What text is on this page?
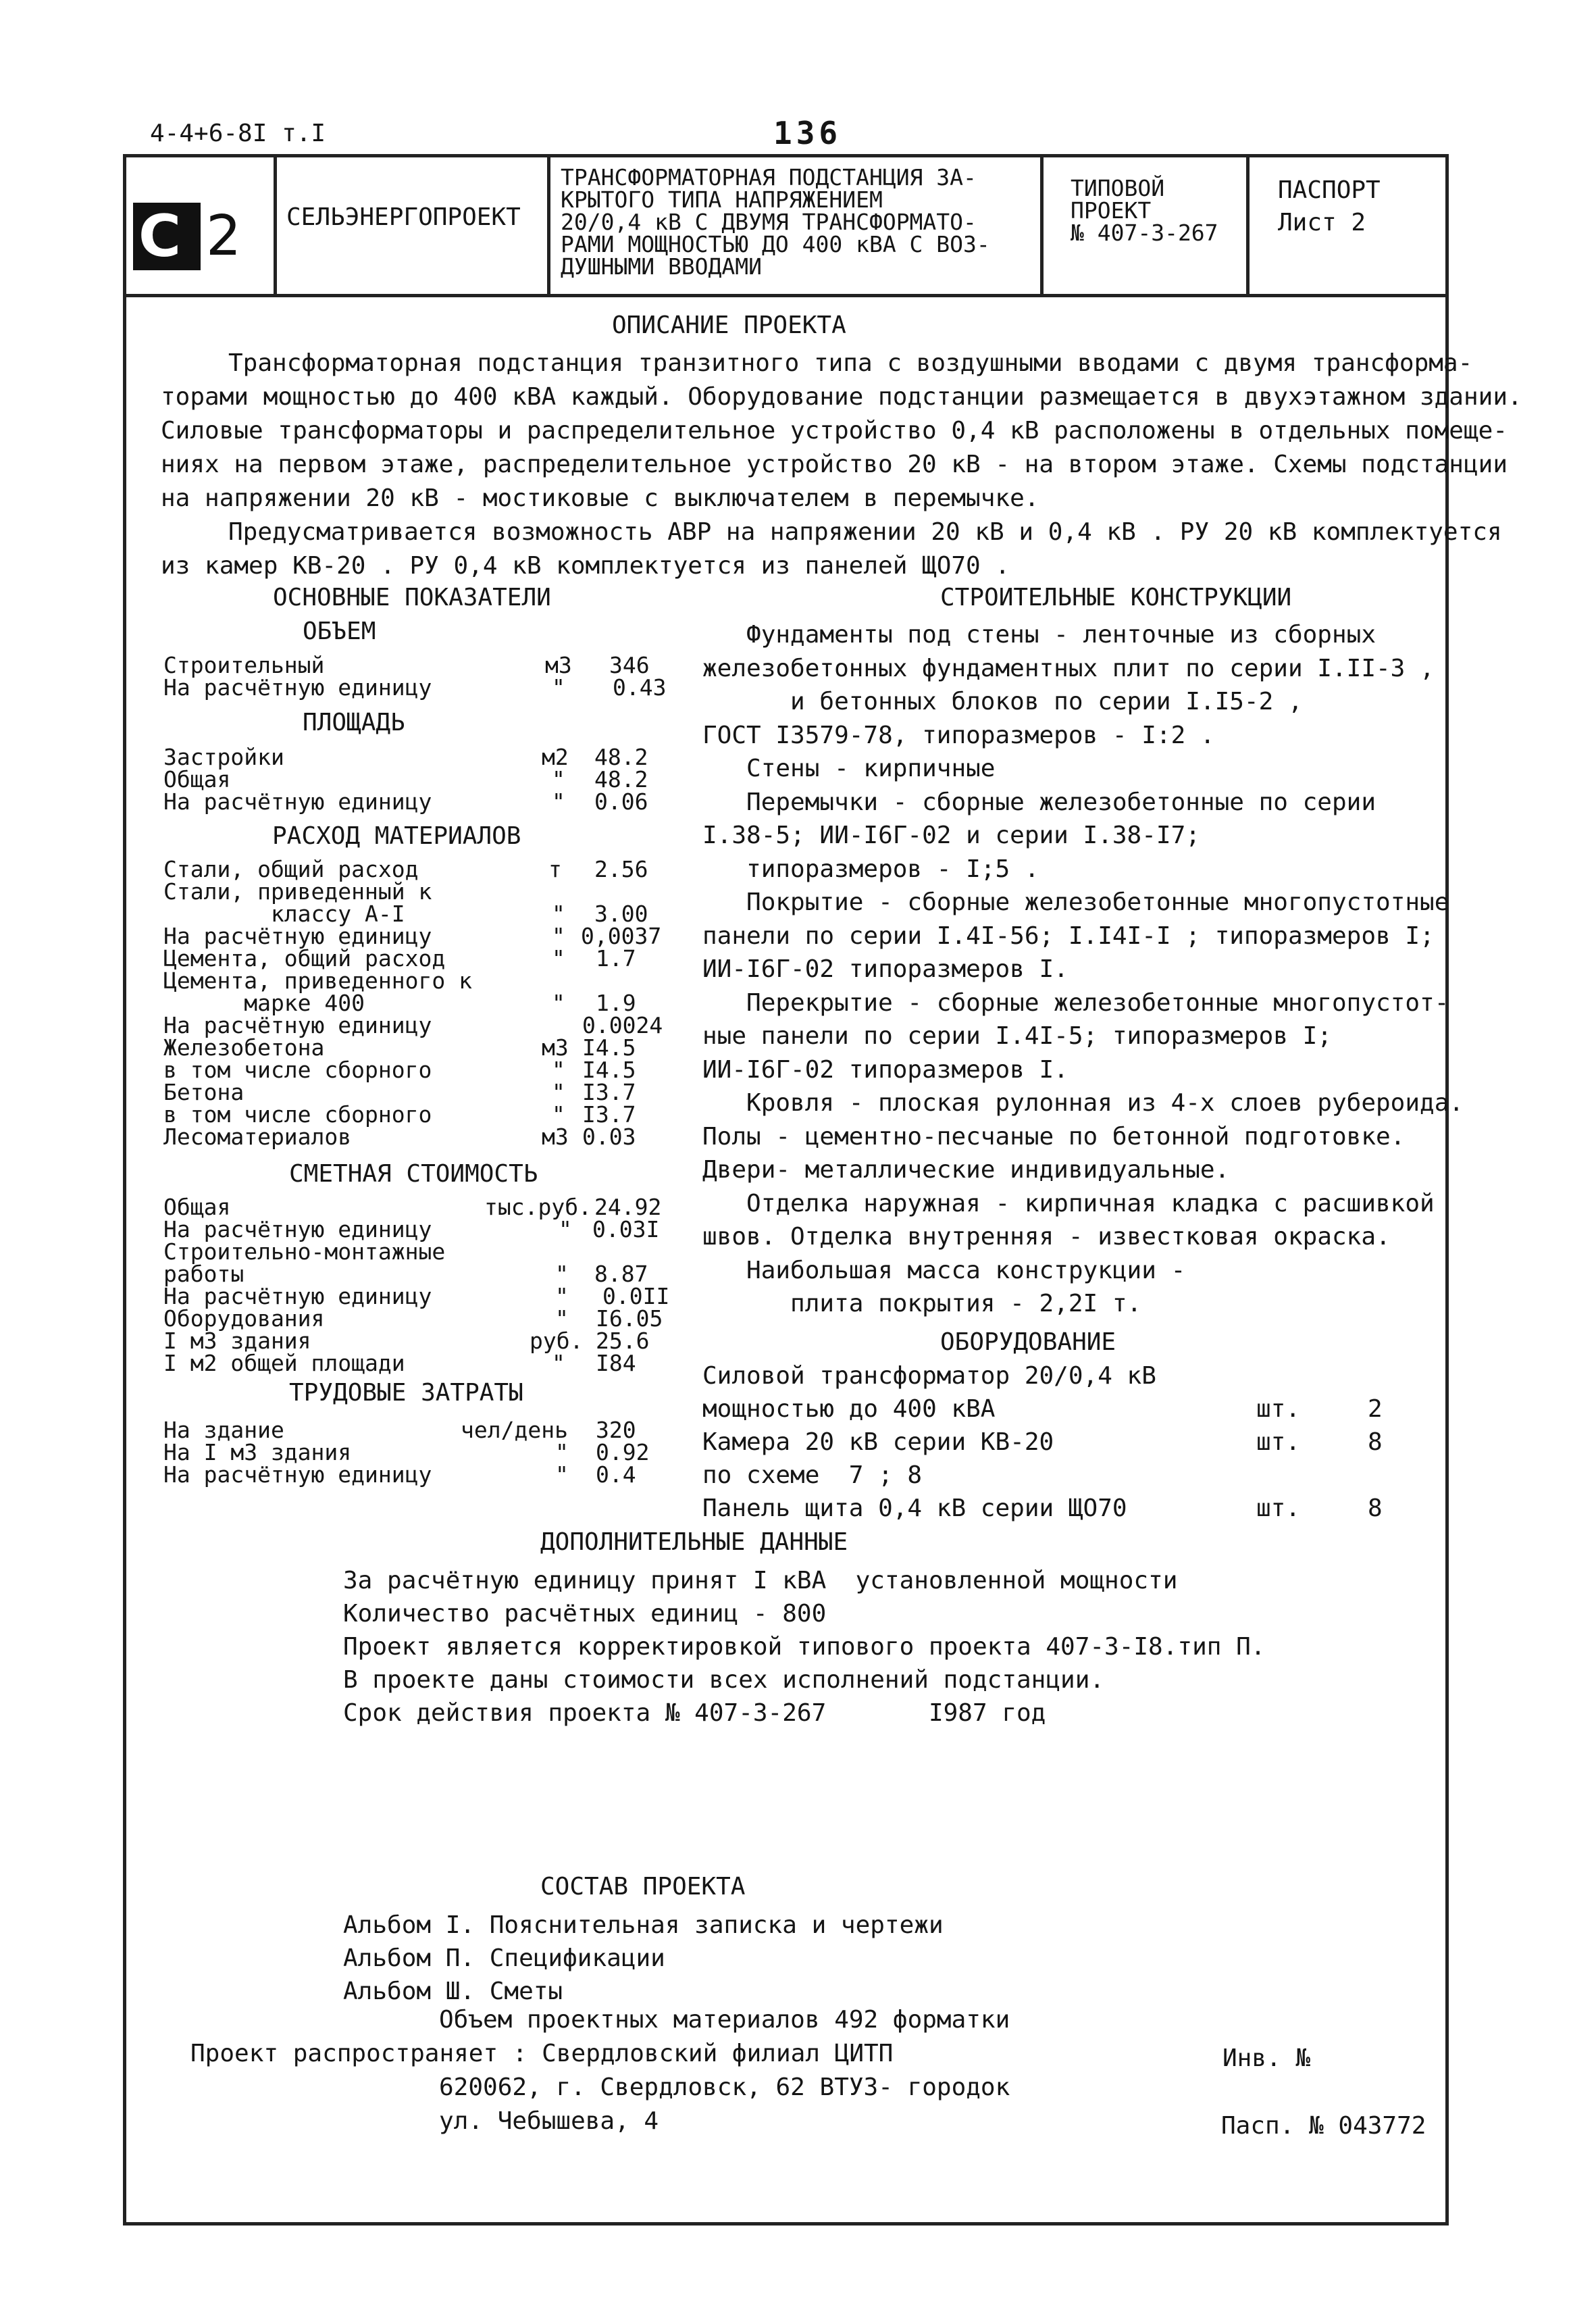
4-4+6-8I т.I	136
С 2 СЕЛЬЭНЕРГОПРОЕКТ
ТРАНСФОРМАТОРНАЯ ПОДСТАНЦИЯ ЗА-
КРЫТОГО ТИПА НАПРЯЖЕНИЕМ
20/0,4 кВ С ДВУМЯ ТРАНСФОРМАТО-
РАМИ МОЩНОСТЬЮ ДО 400 кВА С ВОЗ-
ДУШНЫМИ ВВОДАМИ
ТИПОВОЙ
ПРОЕКТ
№ 407-3-267
ПАСПОРТ
Лист 2
ОПИСАНИЕ ПРОЕКТА
Трансформаторная подстанция транзитного типа с воздушными вводами с двумя трансформа-
торами мощностью до 400 кВА каждый. Оборудование подстанции размещается в двухэтажном здании.
Силовые трансформаторы и распределительное устройство 0,4 кВ расположены в отдельных помеще-
ниях на первом этаже, распределительное устройство 20 кВ - на втором этаже. Схемы подстанции
на напряжении 20 кВ - мостиковые с выключателем в перемычке.
Предусматривается возможность АВР на напряжении 20 кВ и 0,4 кВ . РУ 20 кВ комплектуется
из камер КВ-20 . РУ 0,4 кВ комплектуется из панелей ЩО70 .
ОСНОВНЫЕ ПОКАЗАТЕЛИ
ОБЪЕМ
Строительный	м3 346
На расчётную единицу	" 0.43
ПЛОЩАДЬ
Застройки	м2 48.2
Общая	" 48.2
На расчётную единицу	" 0.06
РАСХОД МАТЕРИАЛОВ
Стали, общий расход	т 2.56
Стали, приведенный к
классу А-I	" 3.00
На расчётную единицу	" 0,0037
Цемента, общий расход	" 1.7
Цемента, приведенного к
марке 400	" 1.9
На расчётную единицу	0.0024
Железобетона	м3 I4.5
в том числе сборного	" I4.5
Бетона	" I3.7
в том числе сборного	" I3.7
Лесоматериалов	м3 0.03
СМЕТНАЯ СТОИМОСТЬ
Общая	тыс.руб. 24.92
На расчётную единицу	" 0.03I
Строительно-монтажные
работы	" 8.87
На расчётную единицу	" 0.0II
Оборудования	" I6.05
I м3 здания	руб. 25.6
I м2 общей площади	" I84
ТРУДОВЫЕ ЗАТРАТЫ
На здание	чел/день 320
На I м3 здания	" 0.92
На расчётную единицу	" 0.4
СТРОИТЕЛЬНЫЕ КОНСТРУКЦИИ
Фундаменты под стены - ленточные из сборных
железобетонных фундаментных плит по серии I.II-3 ,
и бетонных блоков по серии I.I5-2 ,
ГОСТ I3579-78, типоразмеров - I:2 .
Стены - кирпичные
Перемычки - сборные железобетонные по серии
I.38-5; ИИ-I6Г-02 и серии I.38-I7;
типоразмеров - I;5 .
Покрытие - сборные железобетонные многопустотные
панели по серии I.4I-56; I.I4I-I ; типоразмеров I;
ИИ-I6Г-02 типоразмеров I.
Перекрытие - сборные железобетонные многопустот-
ные панели по серии I.4I-5; типоразмеров I;
ИИ-I6Г-02 типоразмеров I.
Кровля - плоская рулонная из 4-х слоев рубероида.
Полы - цементно-песчаные по бетонной подготовке.
Двери- металлические индивидуальные.
Отделка наружная - кирпичная кладка с расшивкой
швов. Отделка внутренняя - известковая окраска.
Наибольшая масса конструкции -
плита покрытия - 2,2I т.
ОБОРУДОВАНИЕ
Силовой трансформатор 20/0,4 кВ
мощностью до 400 кВА	шт.	2
Камера 20 кВ серии КВ-20	шт.	8
по схеме  7 ; 8
Панель щита 0,4 кВ серии ЩО70	шт.	8
ДОПОЛНИТЕЛЬНЫЕ ДАННЫЕ
За расчётную единицу принят I кВА  установленной мощности
Количество расчётных единиц - 800
Проект является корректировкой типового проекта 407-3-I8.тип П.
В проекте даны стоимости всех исполнений подстанции.
Срок действия проекта № 407-3-267       I987 год
СОСТАВ ПРОЕКТА
Альбом I. Пояснительная записка и чертежи
Альбом П. Спецификации
Альбом Ш. Сметы
Объем проектных материалов 492 форматки
Проект распространяет : Свердловский филиал ЦИТП
620062, г. Свердловск, 62 ВТУЗ- городок
ул. Чебышева, 4
Инв. №
Пасп. № 043772
